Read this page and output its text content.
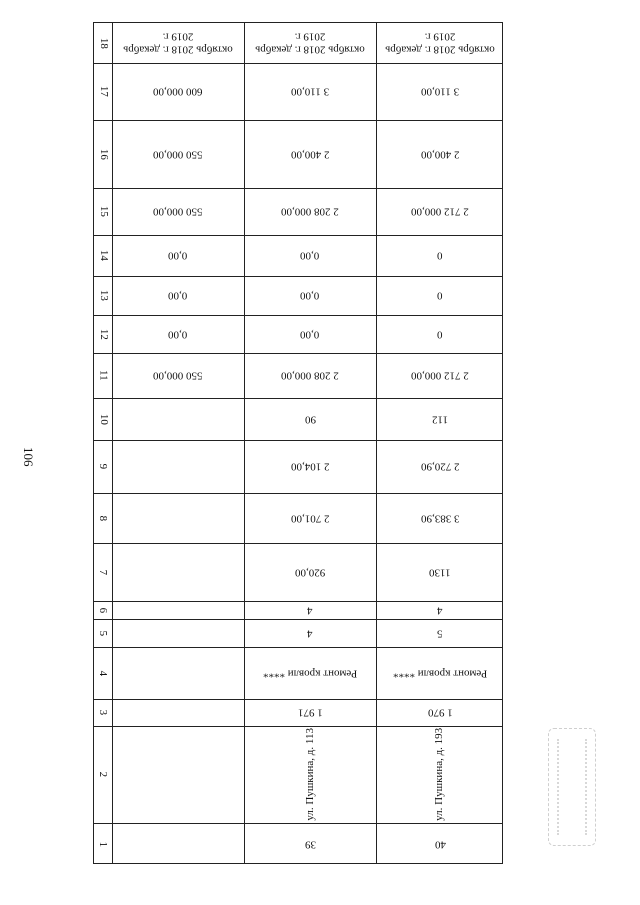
106
18
17
16
15
14
13
12
11
10
9
8
7
6
5
4
3
2
1
октябрь 2018 г. декабрь 2019 г.
600 000,00
550 000,00
550 000,00
0,00
0,00
0,00
550 000,00
октябрь 2018 г. декабрь 2019 г.
3 110,00
2 400,00
2 208 000,00
0,00
0,00
0,00
2 208 000,00
90
2 104,00
2 701,00
920,00
4
4
Ремонт кровли ****
1 971
ул. Пушкина, д. 113
39
октябрь 2018 г. декабрь 2019 г.
3 110,00
2 400,00
2 712 000,00
0
0
0
2 712 000,00
112
2 720,90
3 383,90
1130
4
5
Ремонт кровли ****
1 970
ул. Пушкина, д. 193
40
